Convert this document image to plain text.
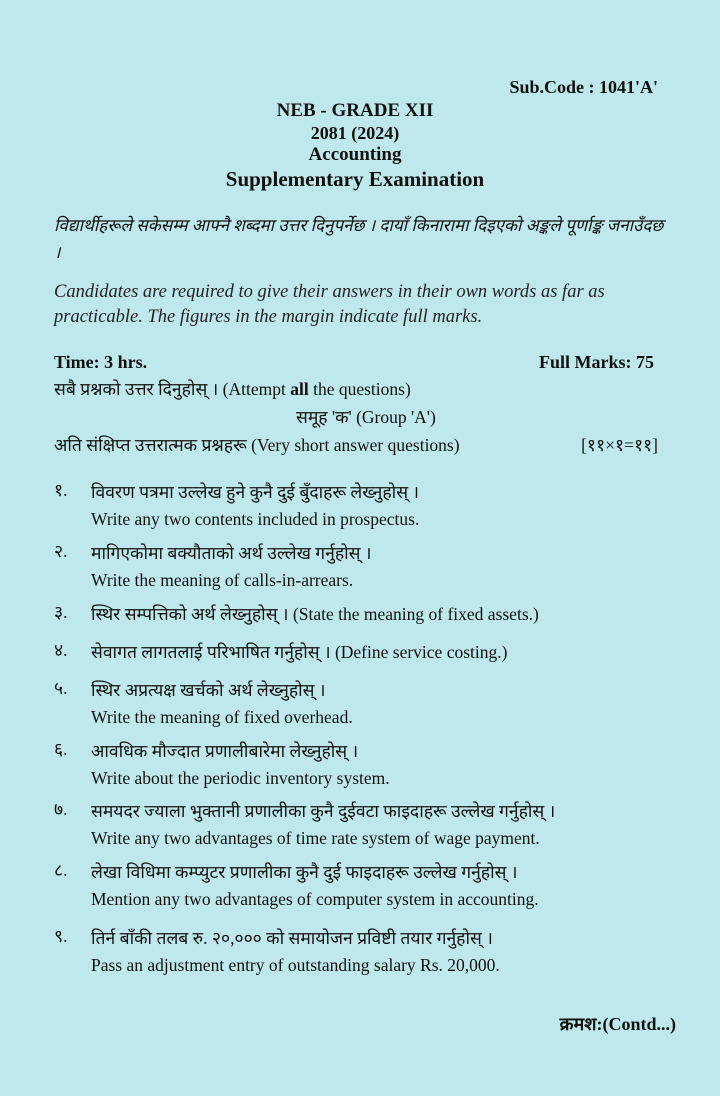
Sub.Code : 1041'A'
NEB - GRADE XII
2081 (2024)
Accounting
Supplementary Examination
विद्यार्थीहरूले सकेसम्म आफ्नै शब्दमा उत्तर दिनुपर्नेछ । दायाँ किनारामा दिइएको अङ्कले पूर्णाङ्क जनाउँदछ ।
Candidates are required to give their answers in their own words as far as practicable. The figures in the margin indicate full marks.
Time: 3 hrs.	Full Marks: 75
सबै प्रश्नको उत्तर दिनुहोस् । (Attempt all the questions)
समूह 'क' (Group 'A')
अति संक्षिप्त उत्तरात्मक प्रश्नहरू (Very short answer questions)	[११×१=११]
१.	विवरण पत्रमा उल्लेख हुने कुनै दुई बुँदाहरू लेख्नुहोस् ।
Write any two contents included in prospectus.
२.	मागिएकोमा बक्यौताको अर्थ उल्लेख गर्नुहोस् ।
Write the meaning of calls-in-arrears.
३.	स्थिर सम्पत्तिको अर्थ लेख्नुहोस् । (State the meaning of fixed assets.)
४.	सेवागत लागतलाई परिभाषित गर्नुहोस् । (Define service costing.)
५.	स्थिर अप्रत्यक्ष खर्चको अर्थ लेख्नुहोस् ।
Write the meaning of fixed overhead.
६.	आवधिक मौज्दात प्रणालीबारेमा लेख्नुहोस् ।
Write about the periodic inventory system.
७.	समयदर ज्याला भुक्तानी प्रणालीका कुनै दुईवटा फाइदाहरू उल्लेख गर्नुहोस् ।
Write any two advantages of time rate system of wage payment.
८.	लेखा विधिमा कम्प्युटर प्रणालीका कुनै दुई फाइदाहरू उल्लेख गर्नुहोस् ।
Mention any two advantages of computer system in accounting.
९.	तिर्न बाँकी तलब रु. २०,००० को समायोजन प्रविष्टी तयार गर्नुहोस् ।
Pass an adjustment entry of outstanding salary Rs. 20,000.
क्रमश:(Contd...)
